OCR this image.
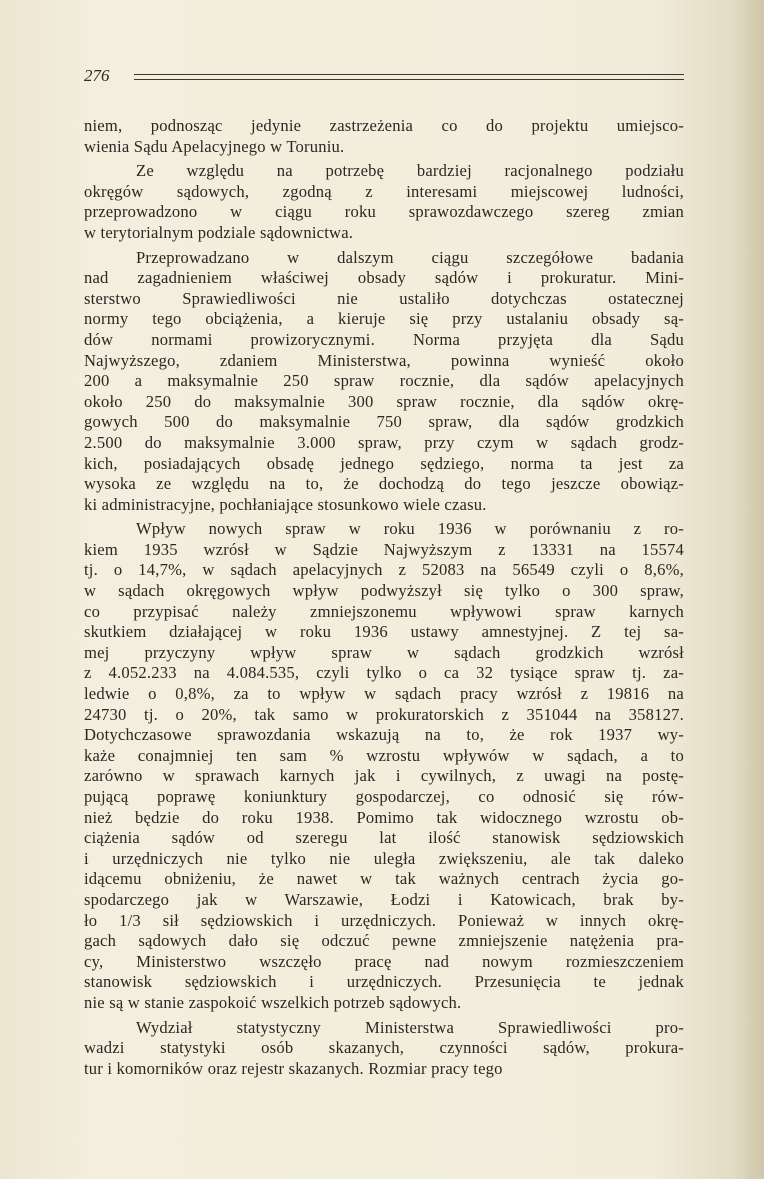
276
niem, podnosząc jedynie zastrzeżenia co do projektu umiejsco-
wienia Sądu Apelacyjnego w Toruniu.
Ze względu na potrzebę bardziej racjonalnego podziału
okręgów sądowych, zgodną z interesami miejscowej ludności,
przeprowadzono w ciągu roku sprawozdawczego szereg zmian
w terytorialnym podziale sądownictwa.
Przeprowadzano w dalszym ciągu szczegółowe badania
nad zagadnieniem właściwej obsady sądów i prokuratur. Mini-
sterstwo Sprawiedliwości nie ustaliło dotychczas ostatecznej
normy tego obciążenia, a kieruje się przy ustalaniu obsady są-
dów normami prowizorycznymi. Norma przyjęta dla Sądu
Najwyższego, zdaniem Ministerstwa, powinna wynieść około
200 a maksymalnie 250 spraw rocznie, dla sądów apelacyjnych
około 250 do maksymalnie 300 spraw rocznie, dla sądów okrę-
gowych 500 do maksymalnie 750 spraw, dla sądów grodzkich
2.500 do maksymalnie 3.000 spraw, przy czym w sądach grodz-
kich, posiadających obsadę jednego sędziego, norma ta jest za
wysoka ze względu na to, że dochodzą do tego jeszcze obowiąz-
ki administracyjne, pochłaniające stosunkowo wiele czasu.
Wpływ nowych spraw w roku 1936 w porównaniu z ro-
kiem 1935 wzrósł w Sądzie Najwyższym z 13331 na 15574
tj. o 14,7%, w sądach apelacyjnych z 52083 na 56549 czyli o 8,6%,
w sądach okręgowych wpływ podwyższył się tylko o 300 spraw,
co przypisać należy zmniejszonemu wpływowi spraw karnych
skutkiem działającej w roku 1936 ustawy amnestyjnej. Z tej sa-
mej przyczyny wpływ spraw w sądach grodzkich wzrósł
z 4.052.233 na 4.084.535, czyli tylko o ca 32 tysiące spraw tj. za-
ledwie o 0,8%, za to wpływ w sądach pracy wzrósł z 19816 na
24730 tj. o 20%, tak samo w prokuratorskich z 351044 na 358127.
Dotychczasowe sprawozdania wskazują na to, że rok 1937 wy-
każe conajmniej ten sam % wzrostu wpływów w sądach, a to
zarówno w sprawach karnych jak i cywilnych, z uwagi na postę-
pującą poprawę koniunktury gospodarczej, co odnosić się rów-
nież będzie do roku 1938. Pomimo tak widocznego wzrostu ob-
ciążenia sądów od szeregu lat ilość stanowisk sędziowskich
i urzędniczych nie tylko nie uległa zwiększeniu, ale tak daleko
idącemu obniżeniu, że nawet w tak ważnych centrach życia go-
spodarczego jak w Warszawie, Łodzi i Katowicach, brak by-
ło 1/3 sił sędziowskich i urzędniczych. Ponieważ w innych okrę-
gach sądowych dało się odczuć pewne zmniejszenie natężenia pra-
cy, Ministerstwo wszczęło pracę nad nowym rozmieszczeniem
stanowisk sędziowskich i urzędniczych. Przesunięcia te jednak
nie są w stanie zaspokoić wszelkich potrzeb sądowych.
Wydział statystyczny Ministerstwa Sprawiedliwości pro-
wadzi statystyki osób skazanych, czynności sądów, prokura-
tur i komorników oraz rejestr skazanych. Rozmiar pracy tego
